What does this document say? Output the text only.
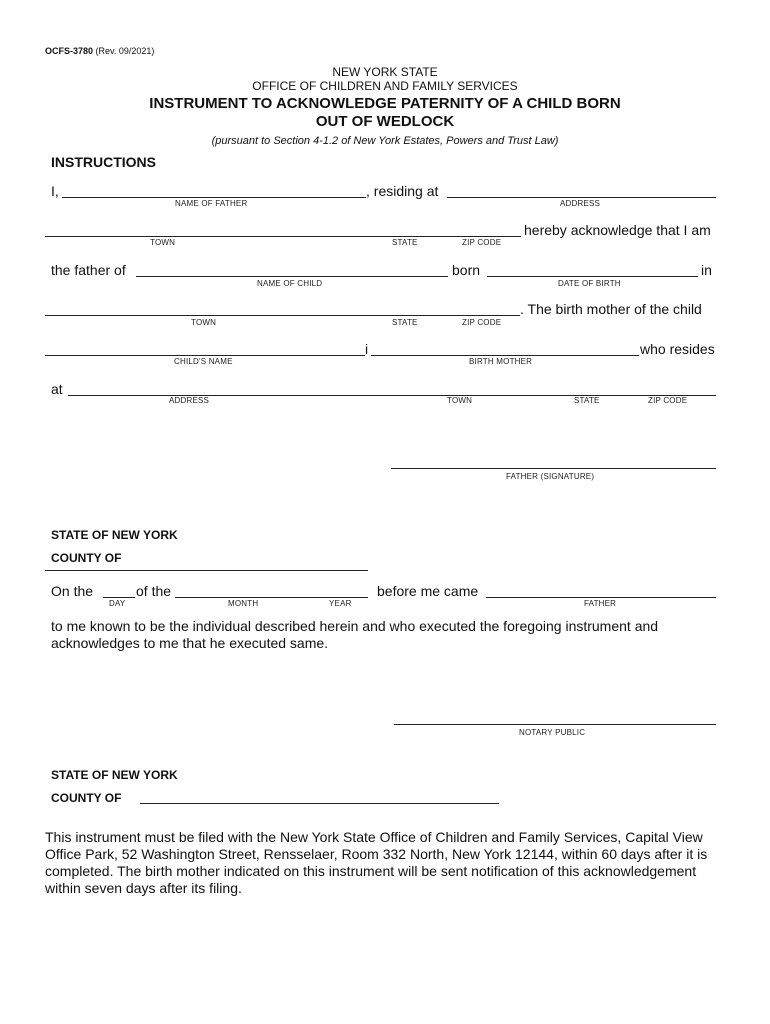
OCFS-3780 (Rev. 09/2021)
NEW YORK STATE
OFFICE OF CHILDREN AND FAMILY SERVICES
INSTRUMENT TO ACKNOWLEDGE PATERNITY OF A CHILD BORN
OUT OF WEDLOCK
(pursuant to Section 4-1.2 of New York Estates, Powers and Trust Law)
INSTRUCTIONS
I,	, residing at
NAME OF FATHER	ADDRESS
hereby acknowledge that I am
TOWN	STATE	ZIP CODE
the father of	born	in
NAME OF CHILD	DATE OF BIRTH
. The birth mother of the child
TOWN	STATE	ZIP CODE
i	who resides
CHILD'S NAME	BIRTH MOTHER
at
ADDRESS	TOWN	STATE	ZIP CODE
FATHER (SIGNATURE)
STATE OF NEW YORK
COUNTY OF
On the	of the	before me came
DAY	MONTH	YEAR	FATHER
to me known to be the individual described herein and who executed the foregoing instrument and
acknowledges to me that he executed same.
NOTARY PUBLIC
STATE OF NEW YORK
COUNTY OF
This instrument must be filed with the New York State Office of Children and Family Services, Capital View
Office Park, 52 Washington Street, Rensselaer, Room 332 North, New York 12144, within 60 days after it is
completed. The birth mother indicated on this instrument will be sent notification of this acknowledgement
within seven days after its filing.
